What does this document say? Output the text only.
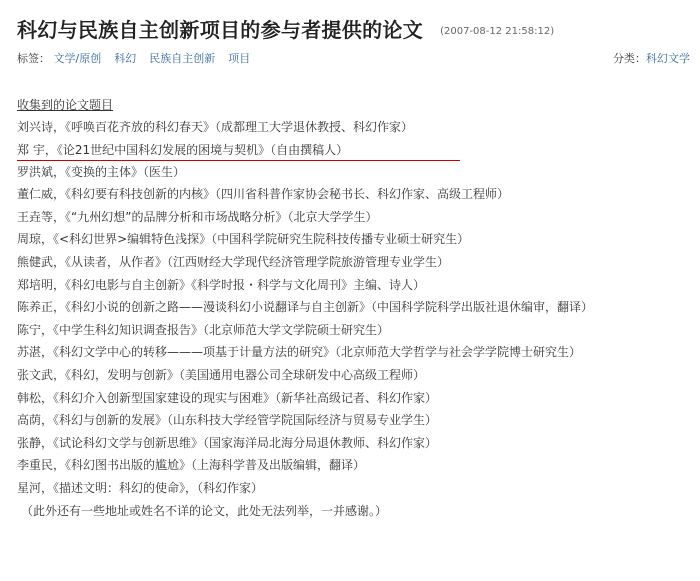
科幻与民族自主创新项目的参与者提供的论文 (2007-08-12 21:58:12)
标签： 文学/原创 科幻 民族自主创新 项目	分类：科幻文学
收集到的论文题目
刘兴诗，《呼唤百花齐放的科幻春天》（成都理工大学退休教授、科幻作家）
郑 宇，《论21世纪中国科幻发展的困境与契机》（自由撰稿人）
罗洪斌，《变换的主体》（医生）
董仁威，《科幻要有科技创新的内核》（四川省科普作家协会秘书长、科幻作家、高级工程师）
王垚等，《“九州幻想”的品牌分析和市场战略分析》（北京大学学生）
周琼，《<科幻世界>编辑特色浅探》（中国科学院研究生院科技传播专业硕士研究生）
熊健武，《从读者，从作者》（江西财经大学现代经济管理学院旅游管理专业学生）
郑培明，《科幻电影与自主创新》《科学时报・科学与文化周刊》主编、诗人）
陈养正，《科幻小说的创新之路——漫谈科幻小说翻译与自主创新》（中国科学院科学出版社退休编审，翻译）
陈宁，《中学生科幻知识调查报告》（北京师范大学文学院硕士研究生）
苏湛，《科幻文学中心的转移———项基于计量方法的研究》（北京师范大学哲学与社会学学院博士研究生）
张文武，《科幻，发明与创新》（美国通用电器公司全球研发中心高级工程师）
韩松，《科幻介入创新型国家建设的现实与困难》（新华社高级记者、科幻作家）
高荫，《科幻与创新的发展》（山东科技大学经管学院国际经济与贸易专业学生）
张静，《试论科幻文学与创新思维》（国家海洋局北海分局退休教师、科幻作家）
李重民，《科幻图书出版的尴尬》（上海科学普及出版编辑，翻译）
星河，《描述文明：科幻的使命》，（科幻作家）
（此外还有一些地址或姓名不详的论文，此处无法列举，一并感谢。）
